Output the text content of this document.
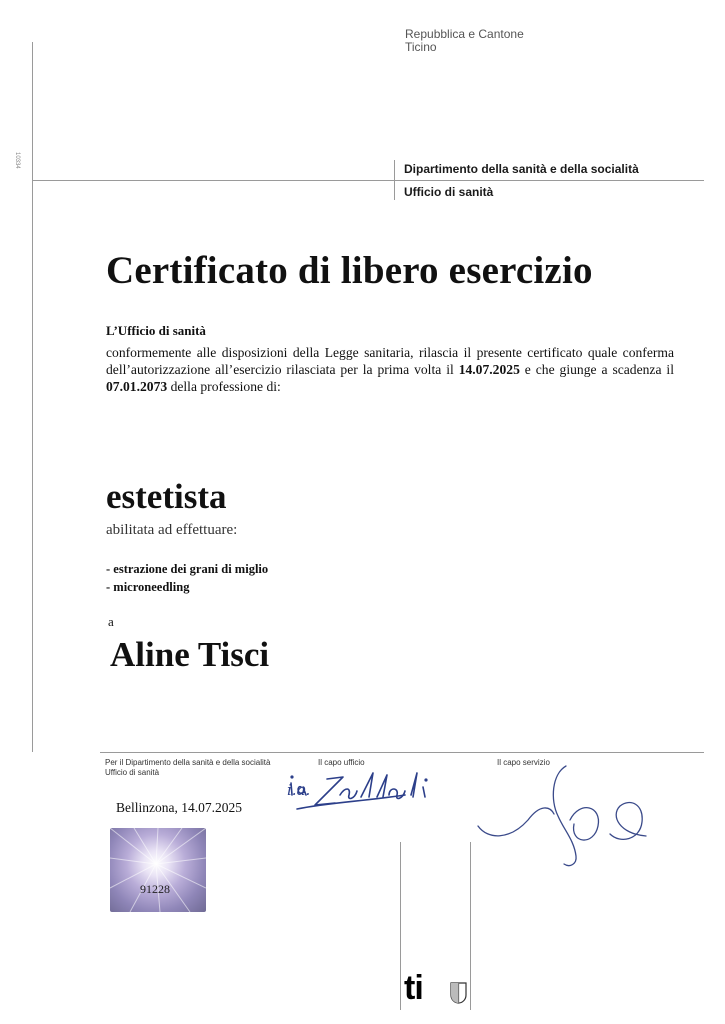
Repubblica e Cantone
Ticino
10334
Dipartimento della sanità e della socialità
Ufficio di sanità
Certificato di libero esercizio
L’Ufficio di sanità
conformemente alle disposizioni della Legge sanitaria, rilascia il presente certificato quale conferma dell’autorizzazione all’esercizio rilasciata per la prima volta il 14.07.2025 e che giunge a scadenza il 07.01.2073 della professione di:
estetista
abilitata ad effettuare:
- estrazione dei grani di miglio
- microneedling
a
Aline Tisci
Per il Dipartimento della sanità e della socialità
Ufficio di sanità
Il capo ufficio	Il capo servizio
i.a.
Bellinzona, 14.07.2025
91228
ti
